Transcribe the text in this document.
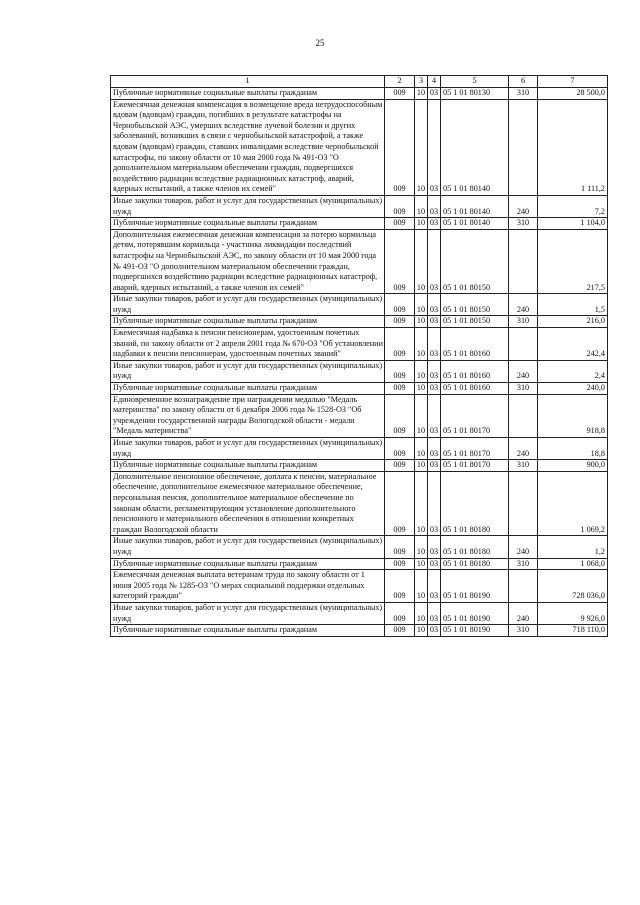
25
1	2	3	4	5	6	7
Публичные нормативные социальные выплаты гражданам	009	10	03	05 1 01 80130	310	28 500,0
Ежемесячная денежная компенсация в возмещение вреда нетрудоспособным вдовам (вдовцам) граждан, погибших в результате катастрофы на Чернобыльской АЭС, умерших вследствие лучевой болезни и других заболеваний, возникших в связи с чернобыльской катастрофой, а также вдовам (вдовцам) граждан, ставших инвалидами вследствие чернобыльской катастрофы, по закону области от 10 мая 2000 года № 491-ОЗ "О дополнительном материальном обеспечении граждан, подвергшихся воздействию радиации вследствие радиационных катастроф, аварий, ядерных испытаний, а также членов их семей"	009	10	03	05 1 01 80140		1 111,2
Иные закупки товаров, работ и услуг для государственных (муниципальных) нужд	009	10	03	05 1 01 80140	240	7,2
Публичные нормативные социальные выплаты гражданам	009	10	03	05 1 01 80140	310	1 104,0
Дополнительная ежемесячная денежная компенсация за потерю кормильца детям, потерявшим кормильца - участника ликвидации последствий катастрофы на Чернобыльской АЭС, по закону области от 10 мая 2000 года № 491-ОЗ "О дополнительном материальном обеспечении граждан, подвергшихся воздействию радиации вследствие радиационных катастроф, аварий, ядерных испытаний, а также членов их семей"	009	10	03	05 1 01 80150		217,5
Иные закупки товаров, работ и услуг для государственных (муниципальных) нужд	009	10	03	05 1 01 80150	240	1,5
Публичные нормативные социальные выплаты гражданам	009	10	03	05 1 01 80150	310	216,0
Ежемесячная надбавка к пенсии пенсионерам, удостоенным почетных званий, по закону области от 2 апреля 2001 года № 670-ОЗ "Об установлении надбавки к пенсии пенсионерам, удостоенным почетных званий"	009	10	03	05 1 01 80160		242,4
Иные закупки товаров, работ и услуг для государственных (муниципальных) нужд	009	10	03	05 1 01 80160	240	2,4
Публичные нормативные социальные выплаты гражданам	009	10	03	05 1 01 80160	310	240,0
Единовременное вознаграждение при награждении медалью "Медаль материнства" по закону области от 6 декабря 2006 года № 1528-ОЗ "Об учреждении государственной награды Вологодской области - медали "Медаль материнства"	009	10	03	05 1 01 80170		918,8
Иные закупки товаров, работ и услуг для государственных (муниципальных) нужд	009	10	03	05 1 01 80170	240	18,8
Публичные нормативные социальные выплаты гражданам	009	10	03	05 1 01 80170	310	900,0
Дополнительное пенсионное обеспечение, доплата к пенсии, материальное обеспечение, дополнительное ежемесячное материальное обеспечение, персональная пенсия, дополнительное материальное обеспечение по законам области, регламентирующим установление дополнительного пенсионного и материального обеспечения в отношении конкретных граждан Вологодской области	009	10	03	05 1 01 80180		1 069,2
Иные закупки товаров, работ и услуг для государственных (муниципальных) нужд	009	10	03	05 1 01 80180	240	1,2
Публичные нормативные социальные выплаты гражданам	009	10	03	05 1 01 80180	310	1 068,0
Ежемесячная денежная выплата ветеранам труда по закону области от 1 июня 2005 года № 1285-ОЗ "О мерах социальной поддержки отдельных категорий граждан"	009	10	03	05 1 01 80190		728 036,0
Иные закупки товаров, работ и услуг для государственных (муниципальных) нужд	009	10	03	05 1 01 80190	240	9 926,0
Публичные нормативные социальные выплаты гражданам	009	10	03	05 1 01 80190	310	718 110,0
